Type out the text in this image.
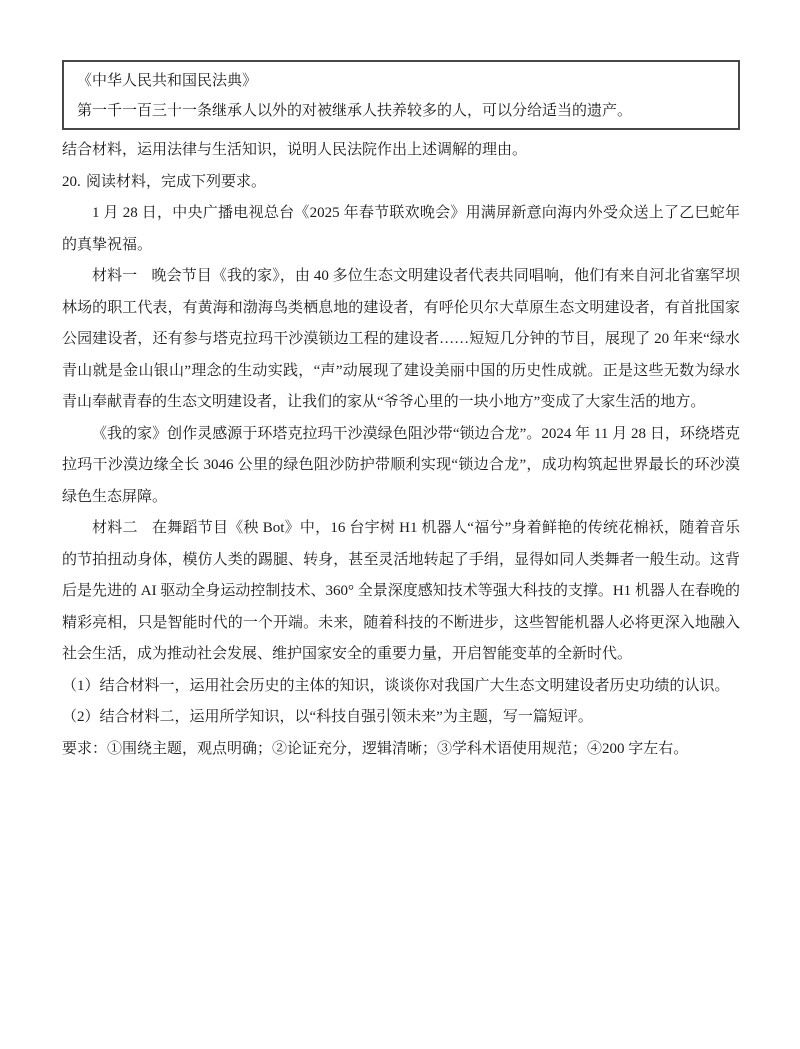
《中华人民共和国民法典》

第一千一百三十一条继承人以外的对被继承人扶养较多的人，可以分给适当的遗产。

结合材料，运用法律与生活知识，说明人民法院作出上述调解的理由。

20. 阅读材料，完成下列要求。

1 月 28 日，中央广播电视总台《2025 年春节联欢晚会》用满屏新意向海内外受众送上了乙巳蛇年的真挚祝福。

材料一 晚会节目《我的家》，由 40 多位生态文明建设者代表共同唱响，他们有来自河北省塞罕坝林场的职工代表，有黄海和渤海鸟类栖息地的建设者，有呼伦贝尔大草原生态文明建设者，有首批国家公园建设者，还有参与塔克拉玛干沙漠锁边工程的建设者……短短几分钟的节目，展现了 20 年来“绿水青山就是金山银山”理念的生动实践，“声”动展现了建设美丽中国的历史性成就。正是这些无数为绿水青山奉献青春的生态文明建设者，让我们的家从“爷爷心里的一块小地方”变成了大家生活的地方。

《我的家》创作灵感源于环塔克拉玛干沙漠绿色阻沙带“锁边合龙”。2024 年 11 月 28 日，环绕塔克拉玛干沙漠边缘全长 3046 公里的绿色阻沙防护带顺利实现“锁边合龙”，成功构筑起世界最长的环沙漠绿色生态屏障。

材料二 在舞蹈节目《秧 Bot》中，16 台宇树 H1 机器人“福兮”身着鲜艳的传统花棉袄，随着音乐的节拍扭动身体，模仿人类的踢腿、转身，甚至灵活地转起了手绢，显得如同人类舞者一般生动。这背后是先进的 AI 驱动全身运动控制技术、360° 全景深度感知技术等强大科技的支撑。H1 机器人在春晚的精彩亮相，只是智能时代的一个开端。未来，随着科技的不断进步，这些智能机器人必将更深入地融入社会生活，成为推动社会发展、维护国家安全的重要力量，开启智能变革的全新时代。

（1）结合材料一，运用社会历史的主体的知识，谈谈你对我国广大生态文明建设者历史功绩的认识。

（2）结合材料二，运用所学知识，以“科技自强引领未来”为主题，写一篇短评。

要求：①围绕主题，观点明确；②论证充分，逻辑清晰；③学科术语使用规范；④200 字左右。
